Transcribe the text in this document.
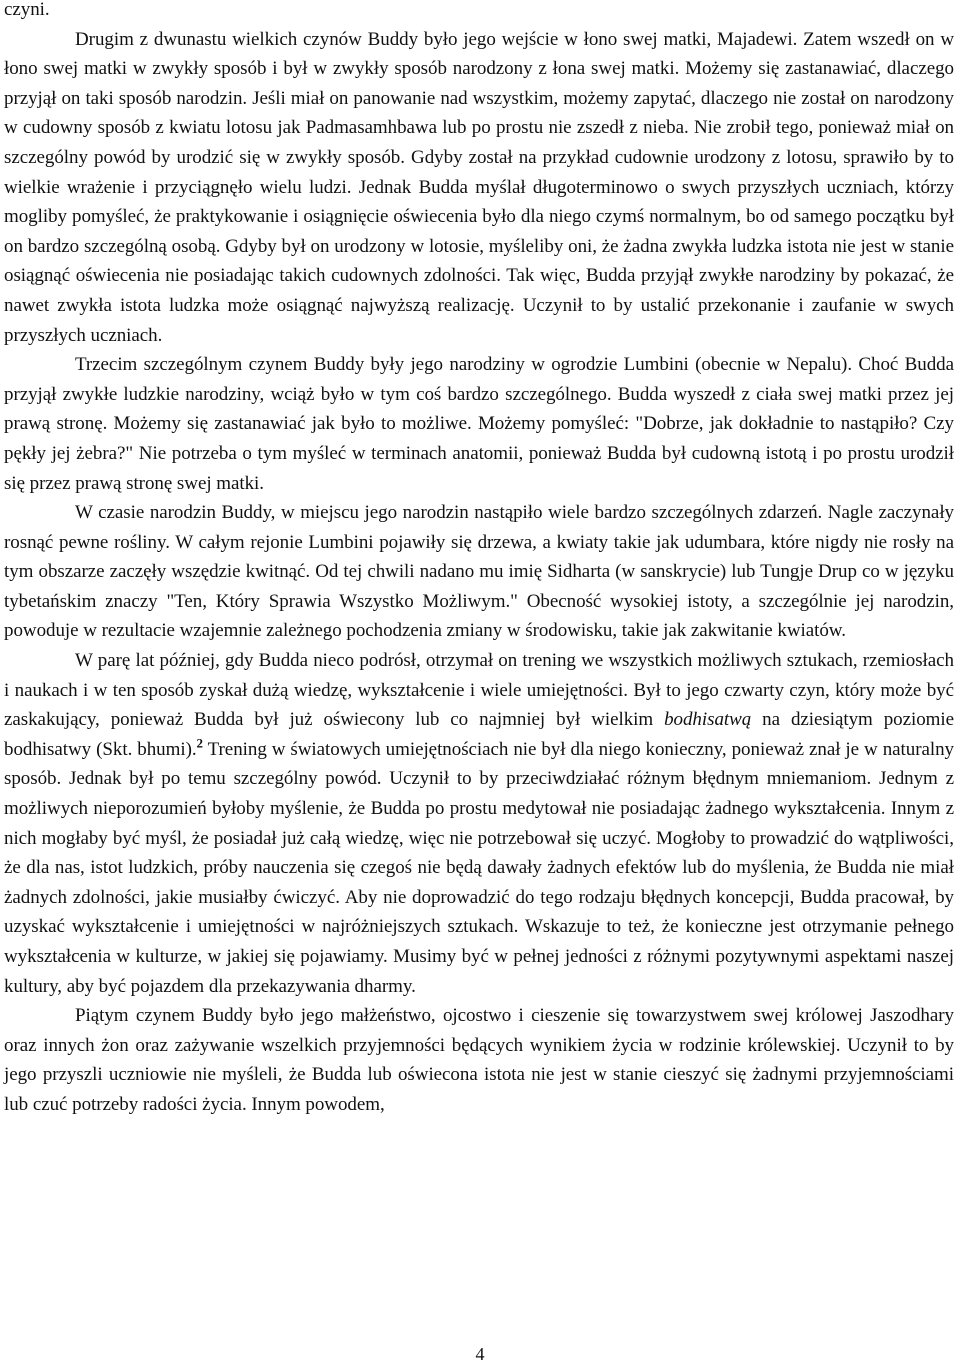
czyni.

Drugim z dwunastu wielkich czynów Buddy było jego wejście w łono swej matki, Majadewi. Zatem wszedł on w łono swej matki w zwykły sposób i był w zwykły sposób narodzony z łona swej matki. Możemy się zastanawiać, dlaczego przyjął on taki sposób narodzin. Jeśli miał on panowanie nad wszystkim, możemy zapytać, dlaczego nie został on narodzony w cudowny sposób z kwiatu lotosu jak Padmasamhbawa lub po prostu nie zszedł z nieba. Nie zrobił tego, ponieważ miał on szczególny powód by urodzić się w zwykły sposób. Gdyby został na przykład cudownie urodzony z lotosu, sprawiło by to wielkie wrażenie i przyciągnęło wielu ludzi. Jednak Budda myślał długoterminowo o swych przyszłych uczniach, którzy mogliby pomyśleć, że praktykowanie i osiągnięcie oświecenia było dla niego czymś normalnym, bo od samego początku był on bardzo szczególną osobą. Gdyby był on urodzony w lotosie, myśleliby oni, że żadna zwykła ludzka istota nie jest w stanie osiągnąć oświecenia nie posiadając takich cudownych zdolności. Tak więc, Budda przyjął zwykłe narodziny by pokazać, że nawet zwykła istota ludzka może osiągnąć najwyższą realizację. Uczynił to by ustalić przekonanie i zaufanie w swych przyszłych uczniach.

Trzecim szczególnym czynem Buddy były jego narodziny w ogrodzie Lumbini (obecnie w Nepalu). Choć Budda przyjął zwykłe ludzkie narodziny, wciąż było w tym coś bardzo szczególnego. Budda wyszedł z ciała swej matki przez jej prawą stronę. Możemy się zastanawiać jak było to możliwe. Możemy pomyśleć: "Dobrze, jak dokładnie to nastąpiło? Czy pękły jej żebra?" Nie potrzeba o tym myśleć w terminach anatomii, ponieważ Budda był cudowną istotą i po prostu urodził się przez prawą stronę swej matki.

W czasie narodzin Buddy, w miejscu jego narodzin nastąpiło wiele bardzo szczególnych zdarzeń. Nagle zaczynały rosnąć pewne rośliny. W całym rejonie Lumbini pojawiły się drzewa, a kwiaty takie jak udumbara, które nigdy nie rosły na tym obszarze zaczęły wszędzie kwitnąć. Od tej chwili nadano mu imię Sidharta (w sanskrycie) lub Tungje Drup co w języku tybetańskim znaczy "Ten, Który Sprawia Wszystko Możliwym." Obecność wysokiej istoty, a szczególnie jej narodzin, powoduje w rezultacie wzajemnie zależnego pochodzenia zmiany w środowisku, takie jak zakwitanie kwiatów.

W parę lat później, gdy Budda nieco podrósł, otrzymał on trening we wszystkich możliwych sztukach, rzemiosłach i naukach i w ten sposób zyskał dużą wiedzę, wykształcenie i wiele umiejętności. Był to jego czwarty czyn, który może być zaskakujący, ponieważ Budda był już oświecony lub co najmniej był wielkim bodhisatwą na dziesiątym poziomie bodhisatwy (Skt. bhumi).$^2$ Trening w światowych umiejętnościach nie był dla niego konieczny, ponieważ znał je w naturalny sposób. Jednak był po temu szczególny powód. Uczynił to by przeciwdziałać różnym błędnym mniemaniom. Jednym z możliwych nieporozumień byłoby myślenie, że Budda po prostu medytował nie posiadając żadnego wykształcenia. Innym z nich mogłaby być myśl, że posiadał już całą wiedzę, więc nie potrzebował się uczyć. Mogłoby to prowadzić do wątpliwości, że dla nas, istot ludzkich, próby nauczenia się czegoś nie będą dawały żadnych efektów lub do myślenia, że Budda nie miał żadnych zdolności, jakie musiałby ćwiczyć. Aby nie doprowadzić do tego rodzaju błędnych koncepcji, Budda pracował, by uzyskać wykształcenie i umiejętności w najróżniejszych sztukach. Wskazuje to też, że konieczne jest otrzymanie pełnego wykształcenia w kulturze, w jakiej się pojawiamy. Musimy być w pełnej jedności z różnymi pozytywnymi aspektami naszej kultury, aby być pojazdem dla przekazywania dharmy.

Piątym czynem Buddy było jego małżeństwo, ojcostwo i cieszenie się towarzystwem swej królowej Jaszodhary oraz innych żon oraz zażywanie wszelkich przyjemności będących wynikiem życia w rodzinie królewskiej. Uczynił to by jego przyszli uczniowie nie myśleli, że Budda lub oświecona istota nie jest w stanie cieszyć się żadnymi przyjemnościami lub czuć potrzeby radości życia. Innym powodem,

4
